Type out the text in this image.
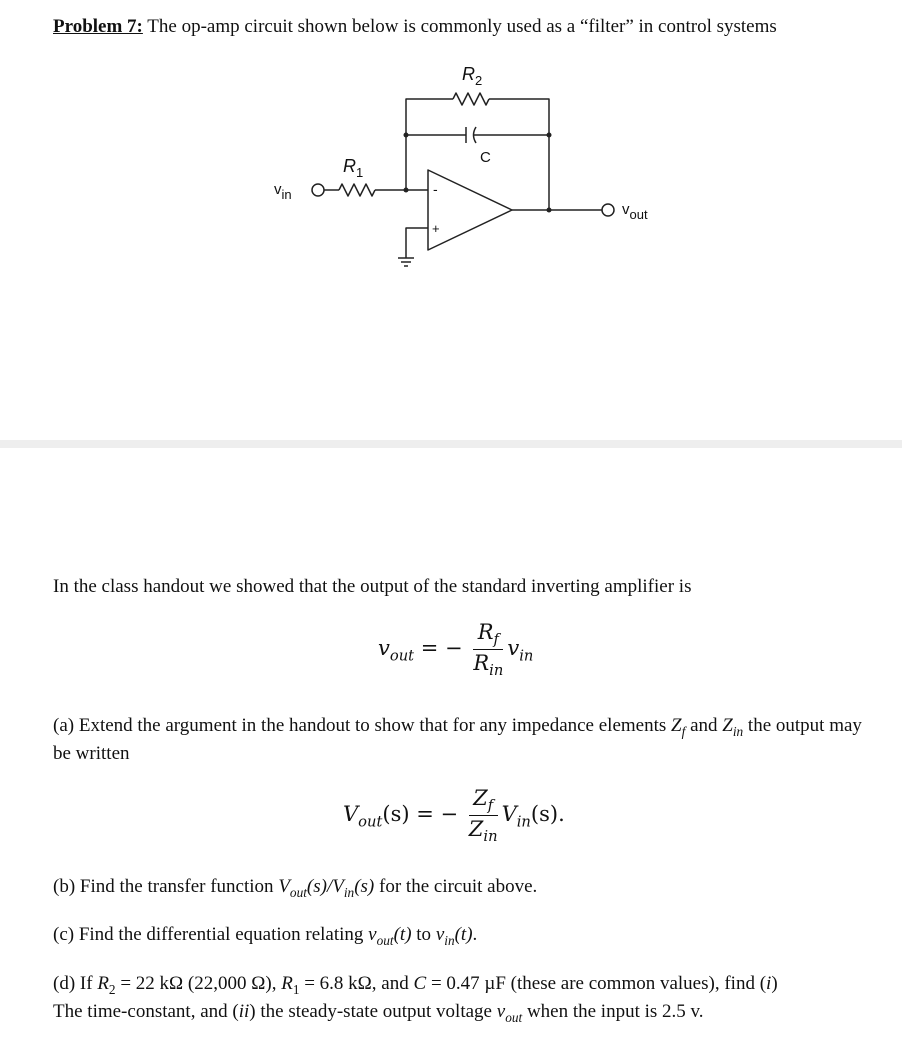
Problem 7: The op-amp circuit shown below is commonly used as a “filter” in control systems
$R_2$
C
$R_1$
vin
vout
-
+
In the class handout we showed that the output of the standard inverting amplifier is
$v_{out}$ = − $\frac{R_f}{R_{in}} v_{in}$
(a) Extend the argument in the handout to show that for any impedance elements $Z_f$ and $Z_{in}$ the output may be written
$V_{out}(s)$ = − $\frac{Z_f}{Z_{in}} V_{in}(s)$.
(b) Find the transfer function $V_{out}(s)/V_{in}(s)$ for the circuit above.
(c) Find the differential equation relating $v_{out}(t)$ to $v_{in}(t)$.
(d) If $R_2 = 22$ kΩ (22,000 Ω), $R_1 = 6.8$ kΩ, and C = 0.47 µF (these are common values), find (i)
The time-constant, and (ii) the steady-state output voltage $v_{out}$ when the input is 2.5 v.
